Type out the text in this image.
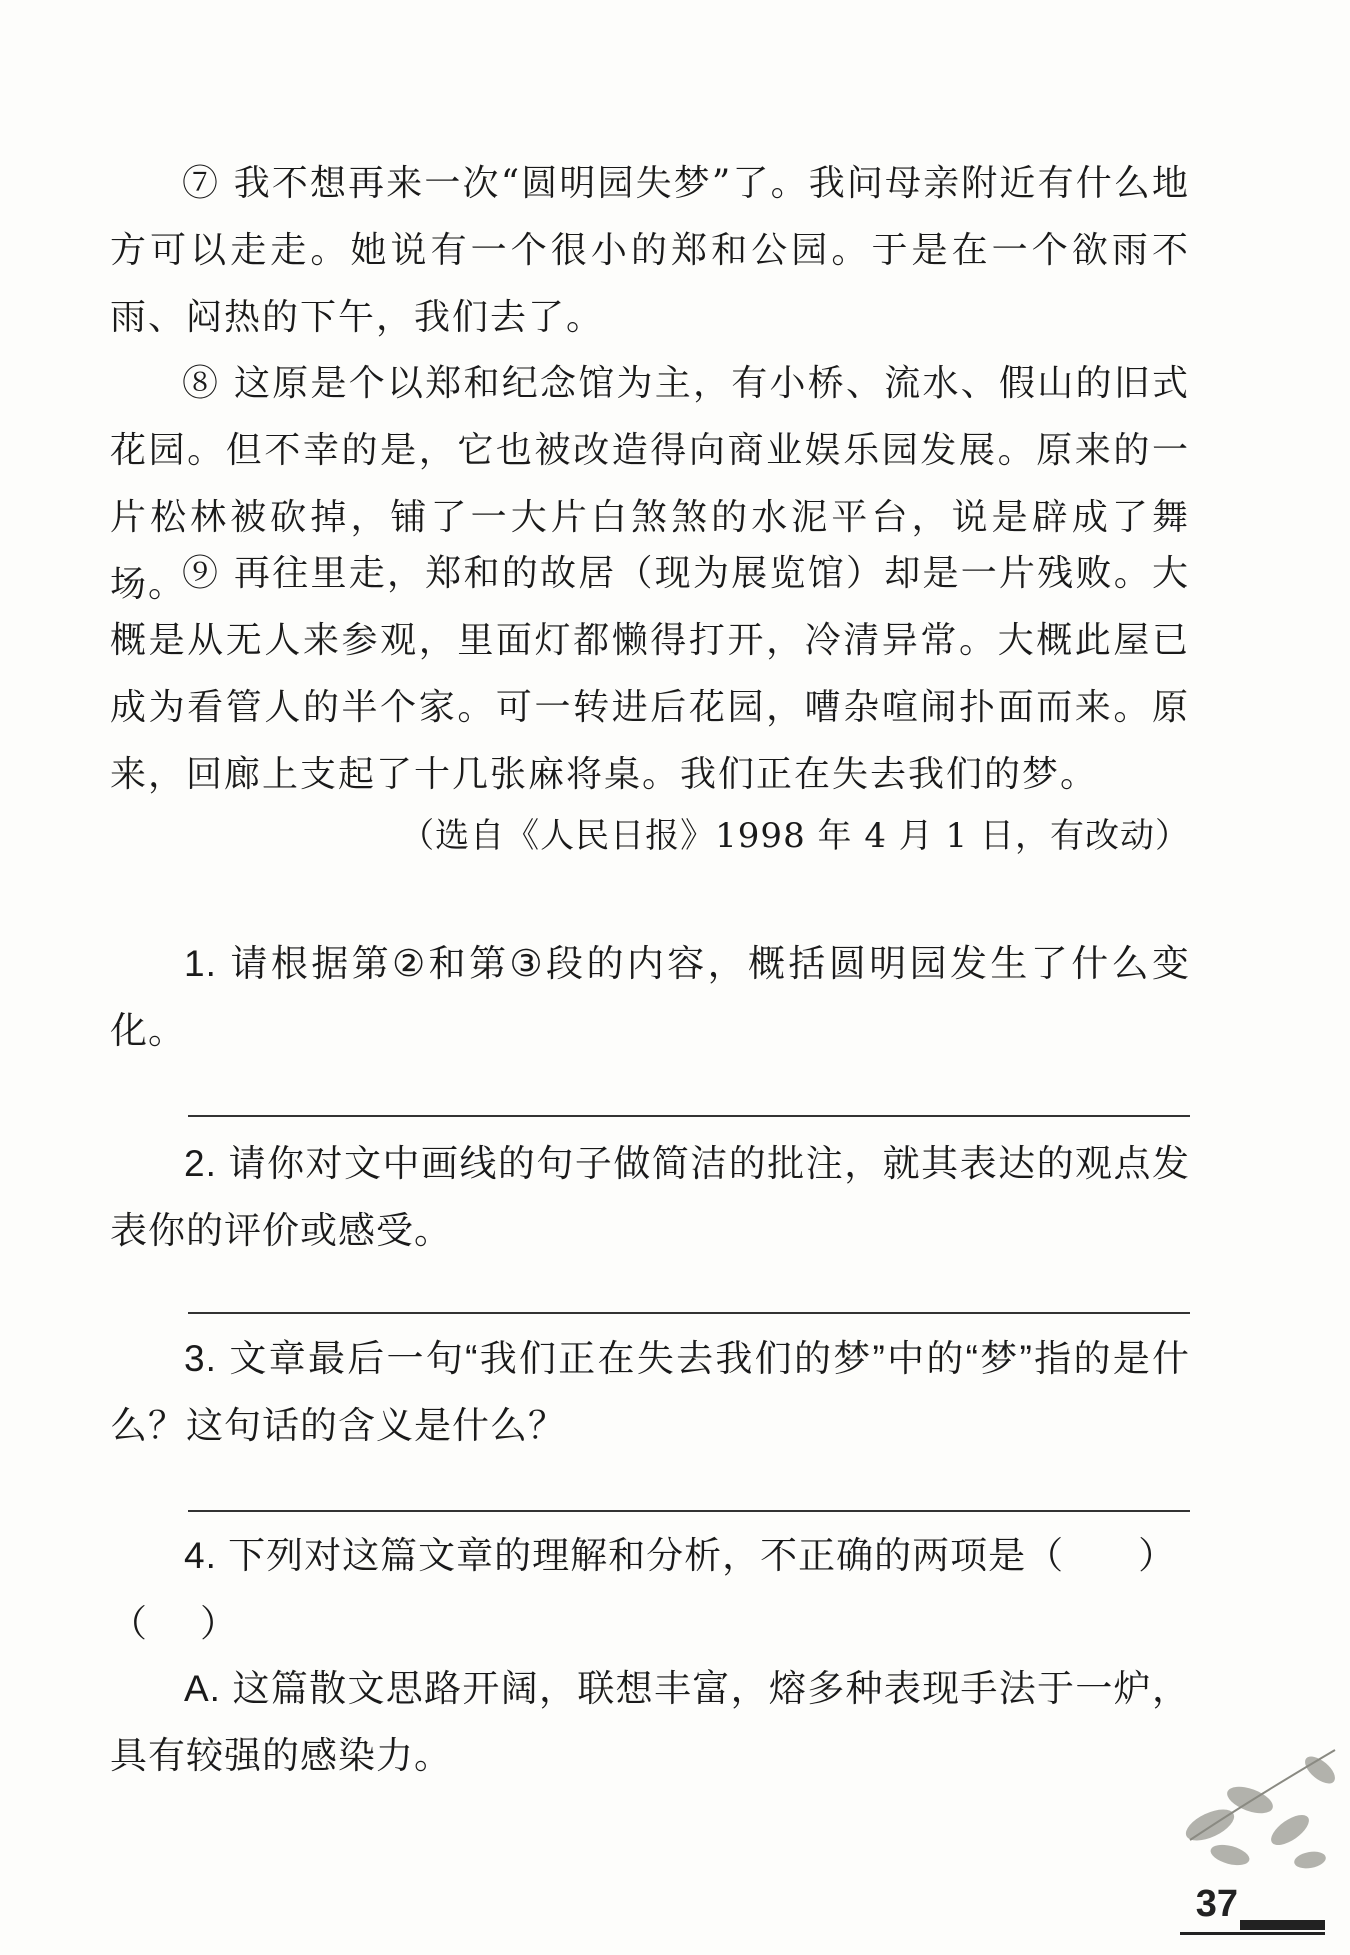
⑦ 我不想再来一次“圆明园失梦”了。我问母亲附近有什么地方可以走走。她说有一个很小的郑和公园。于是在一个欲雨不雨、闷热的下午，我们去了。

⑧ 这原是个以郑和纪念馆为主，有小桥、流水、假山的旧式花园。但不幸的是，它也被改造得向商业娱乐园发展。原来的一片松林被砍掉，铺了一大片白煞煞的水泥平台，说是辟成了舞场。

⑨ 再往里走，郑和的故居（现为展览馆）却是一片残败。大概是从无人来参观，里面灯都懒得打开，冷清异常。大概此屋已成为看管人的半个家。可一转进后花园，嘈杂喧闹扑面而来。原来，回廊上支起了十几张麻将桌。我们正在失去我们的梦。

（选自《人民日报》1998 年 4 月 1 日，有改动）

1. 请根据第②和第③段的内容，概括圆明园发生了什么变化。

2. 请你对文中画线的句子做简洁的批注，就其表达的观点发表你的评价或感受。

3. 文章最后一句“我们正在失去我们的梦”中的“梦”指的是什么？这句话的含义是什么？

4. 下列对这篇文章的理解和分析，不正确的两项是（ ）

（ ）

A. 这篇散文思路开阔，联想丰富，熔多种表现手法于一炉，具有较强的感染力。

37
